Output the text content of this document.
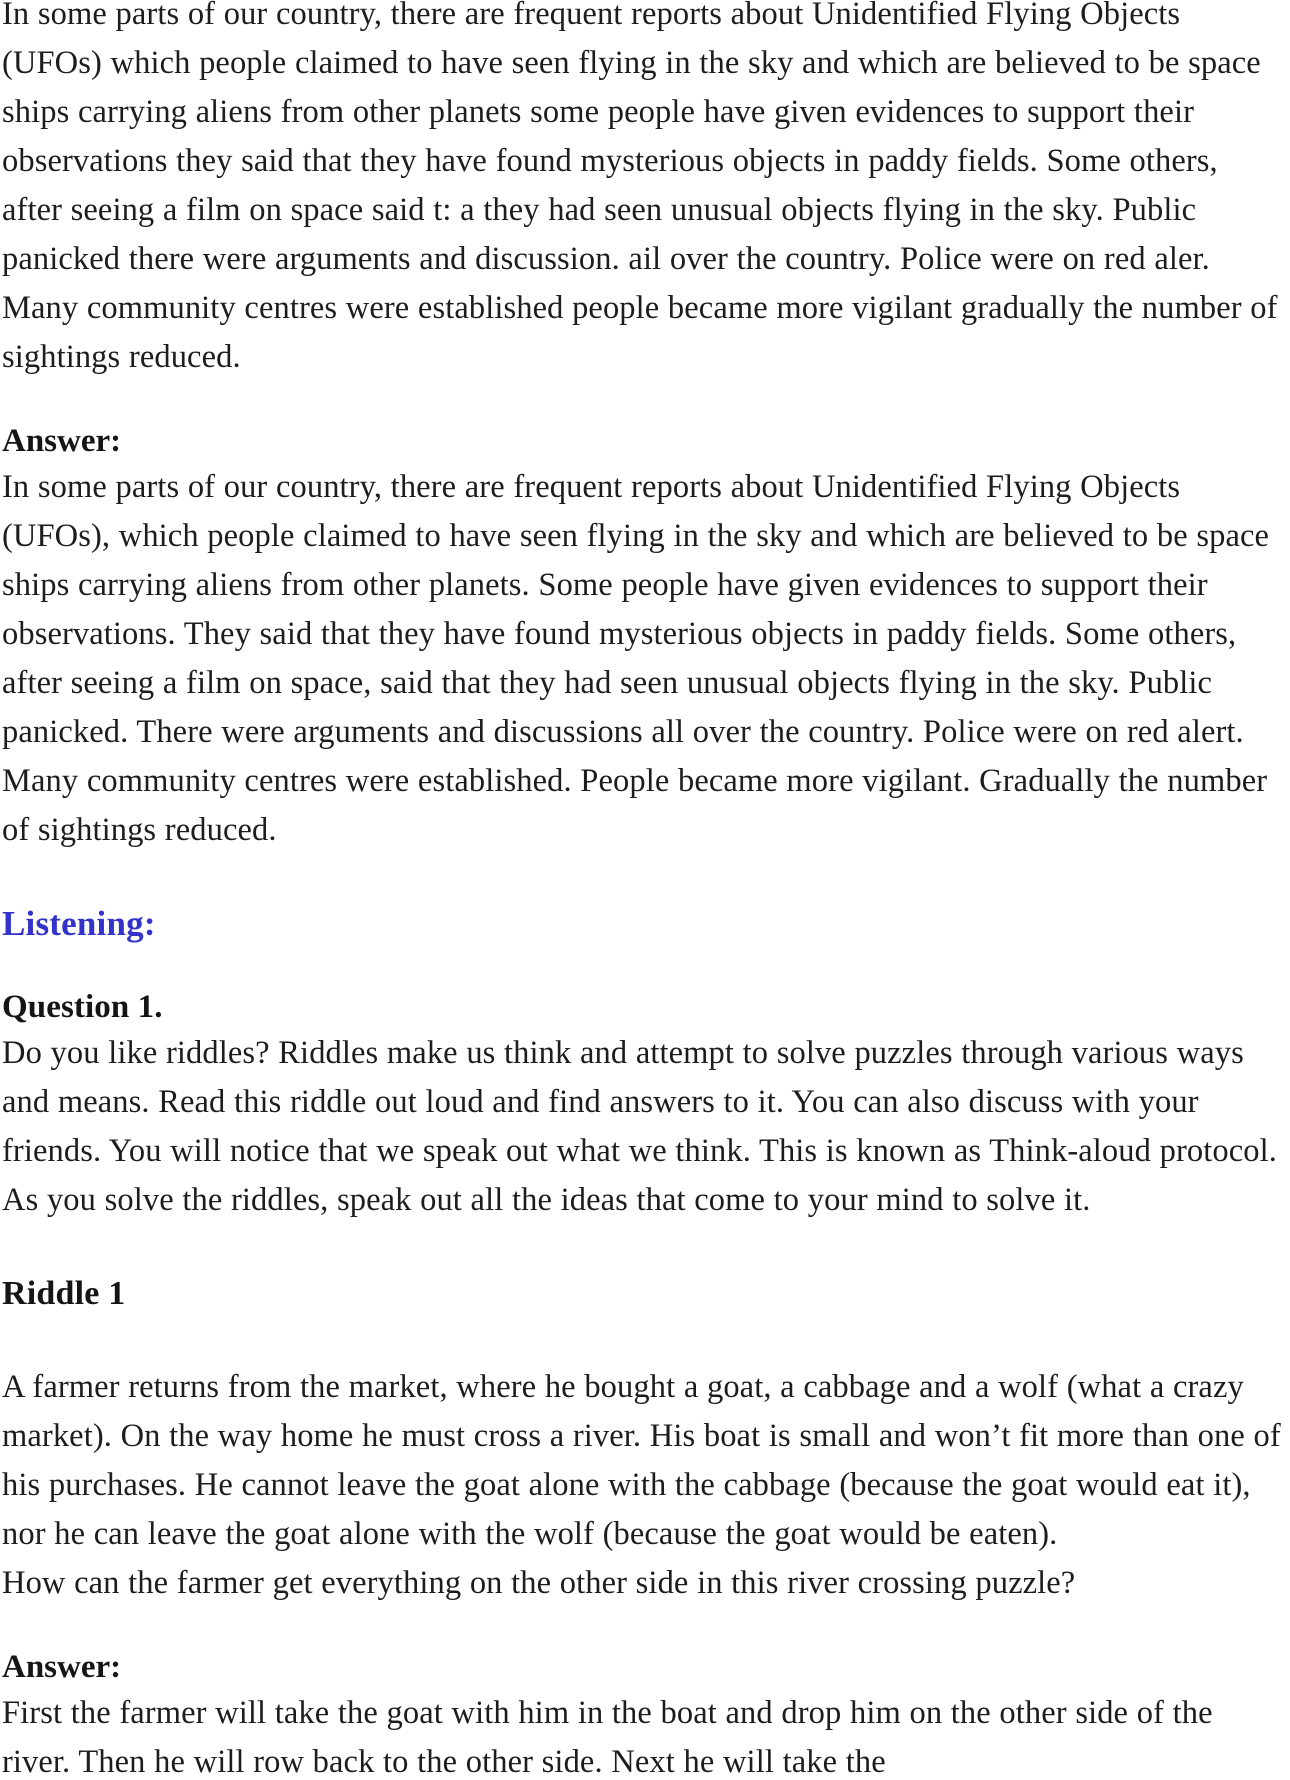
In some parts of our country, there are frequent reports about Unidentified Flying Objects (UFOs) which people claimed to have seen flying in the sky and which are believed to be space ships carrying aliens from other planets some people have given evidences to support their observations they said that they have found mysterious objects in paddy fields. Some others, after seeing a film on space said t: a they had seen unusual objects flying in the sky. Public panicked there were arguments and discussion. ail over the country. Police were on red aler. Many community centres were established people became more vigilant gradually the number of sightings reduced.

Answer:

In some parts of our country, there are frequent reports about Unidentified Flying Objects (UFOs), which people claimed to have seen flying in the sky and which are believed to be space ships carrying aliens from other planets. Some people have given evidences to support their observations. They said that they have found mysterious objects in paddy fields. Some others, after seeing a film on space, said that they had seen unusual objects flying in the sky. Public panicked. There were arguments and discussions all over the country. Police were on red alert. Many community centres were established. People became more vigilant. Gradually the number of sightings reduced.

Listening:

Question 1.

Do you like riddles? Riddles make us think and attempt to solve puzzles through various ways and means. Read this riddle out loud and find answers to it. You can also discuss with your friends. You will notice that we speak out what we think. This is known as Think-aloud protocol. As you solve the riddles, speak out all the ideas that come to your mind to solve it.

Riddle 1

A farmer returns from the market, where he bought a goat, a cabbage and a wolf (what a crazy market). On the way home he must cross a river. His boat is small and won’t fit more than one of his purchases. He cannot leave the goat alone with the cabbage (because the goat would eat it), nor he can leave the goat alone with the wolf (because the goat would be eaten).

How can the farmer get everything on the other side in this river crossing puzzle?

Answer:

First the farmer will take the goat with him in the boat and drop him on the other side of the river. Then he will row back to the other side. Next he will take the
